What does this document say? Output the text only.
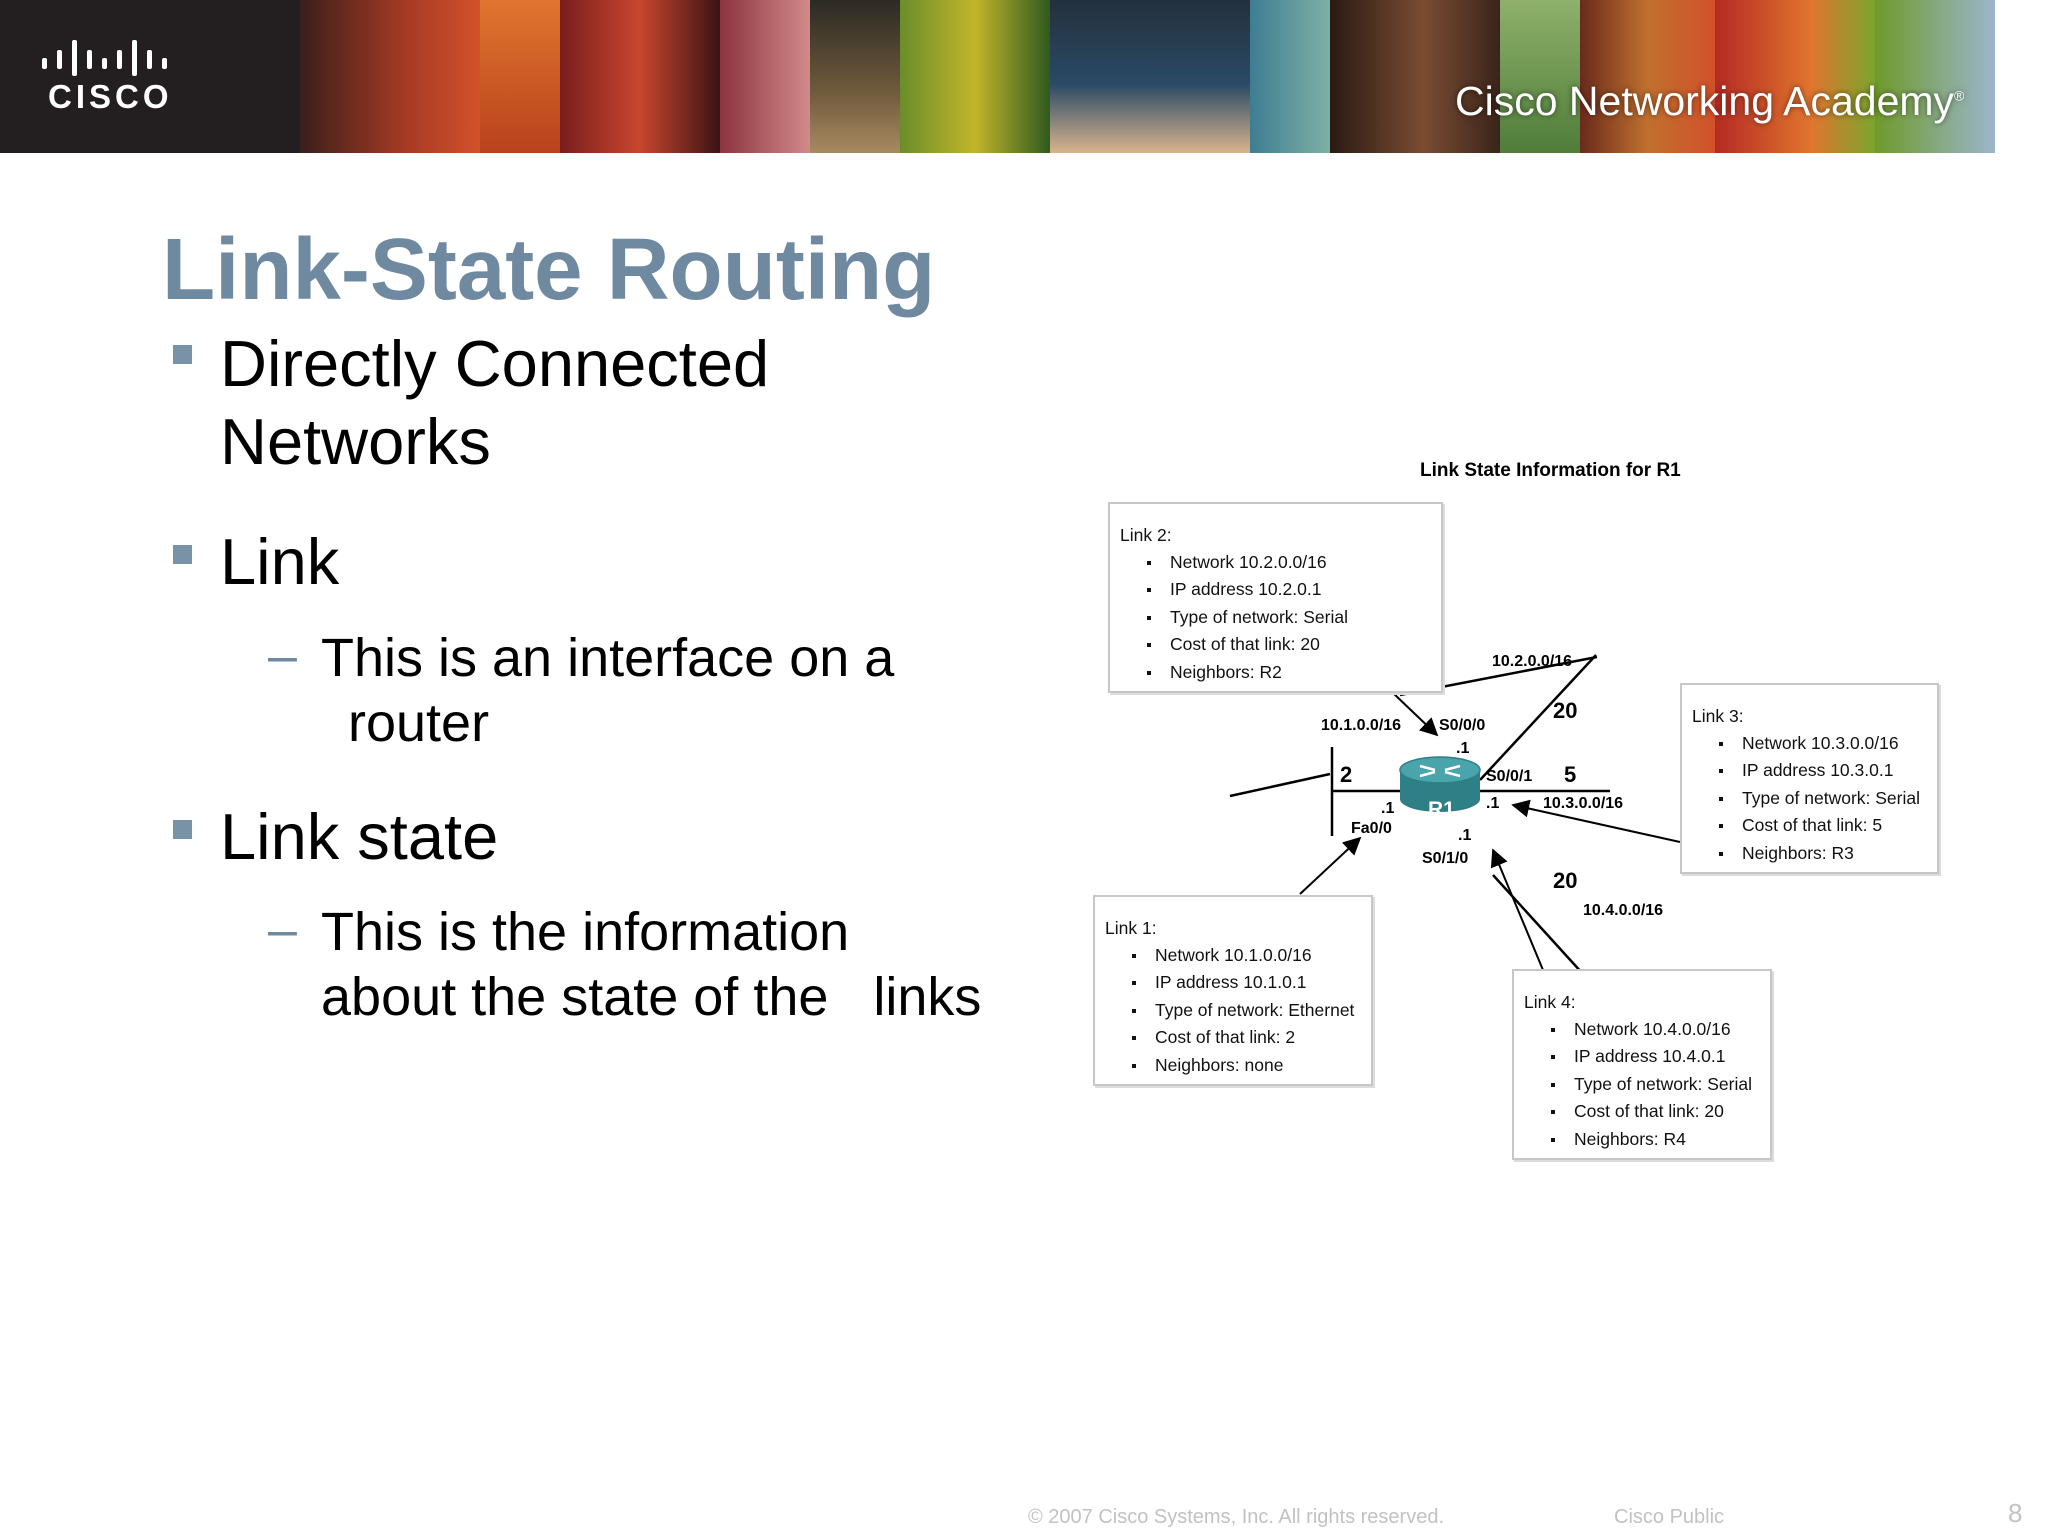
CISCO	Cisco Networking Academy®
Link-State Routing
Directly Connected
Networks
Link
– This is an interface on a
router
Link state
– This is the information
about the state of the   links
Link State Information for R1
R1
Link 2:
Network 10.2.0.0/16
IP address 10.2.0.1
Type of network: Serial
Cost of that link: 20
Neighbors: R2
Link 3:
Network 10.3.0.0/16
IP address 10.3.0.1
Type of network: Serial
Cost of that link: 5
Neighbors: R3
Link 1:
Network 10.1.0.0/16
IP address 10.1.0.1
Type of network: Ethernet
Cost of that link: 2
Neighbors: none
Link 4:
Network 10.4.0.0/16
IP address 10.4.0.1
Type of network: Serial
Cost of that link: 20
Neighbors: R4
10.2.0.0/16
10.1.0.0/16
10.3.0.0/16
10.4.0.0/16
S0/0/0
S0/0/1
S0/1/0
Fa0/0
.1
.1
.1
.1
20
5
2
20
© 2007 Cisco Systems, Inc. All rights reserved.	Cisco Public	8
